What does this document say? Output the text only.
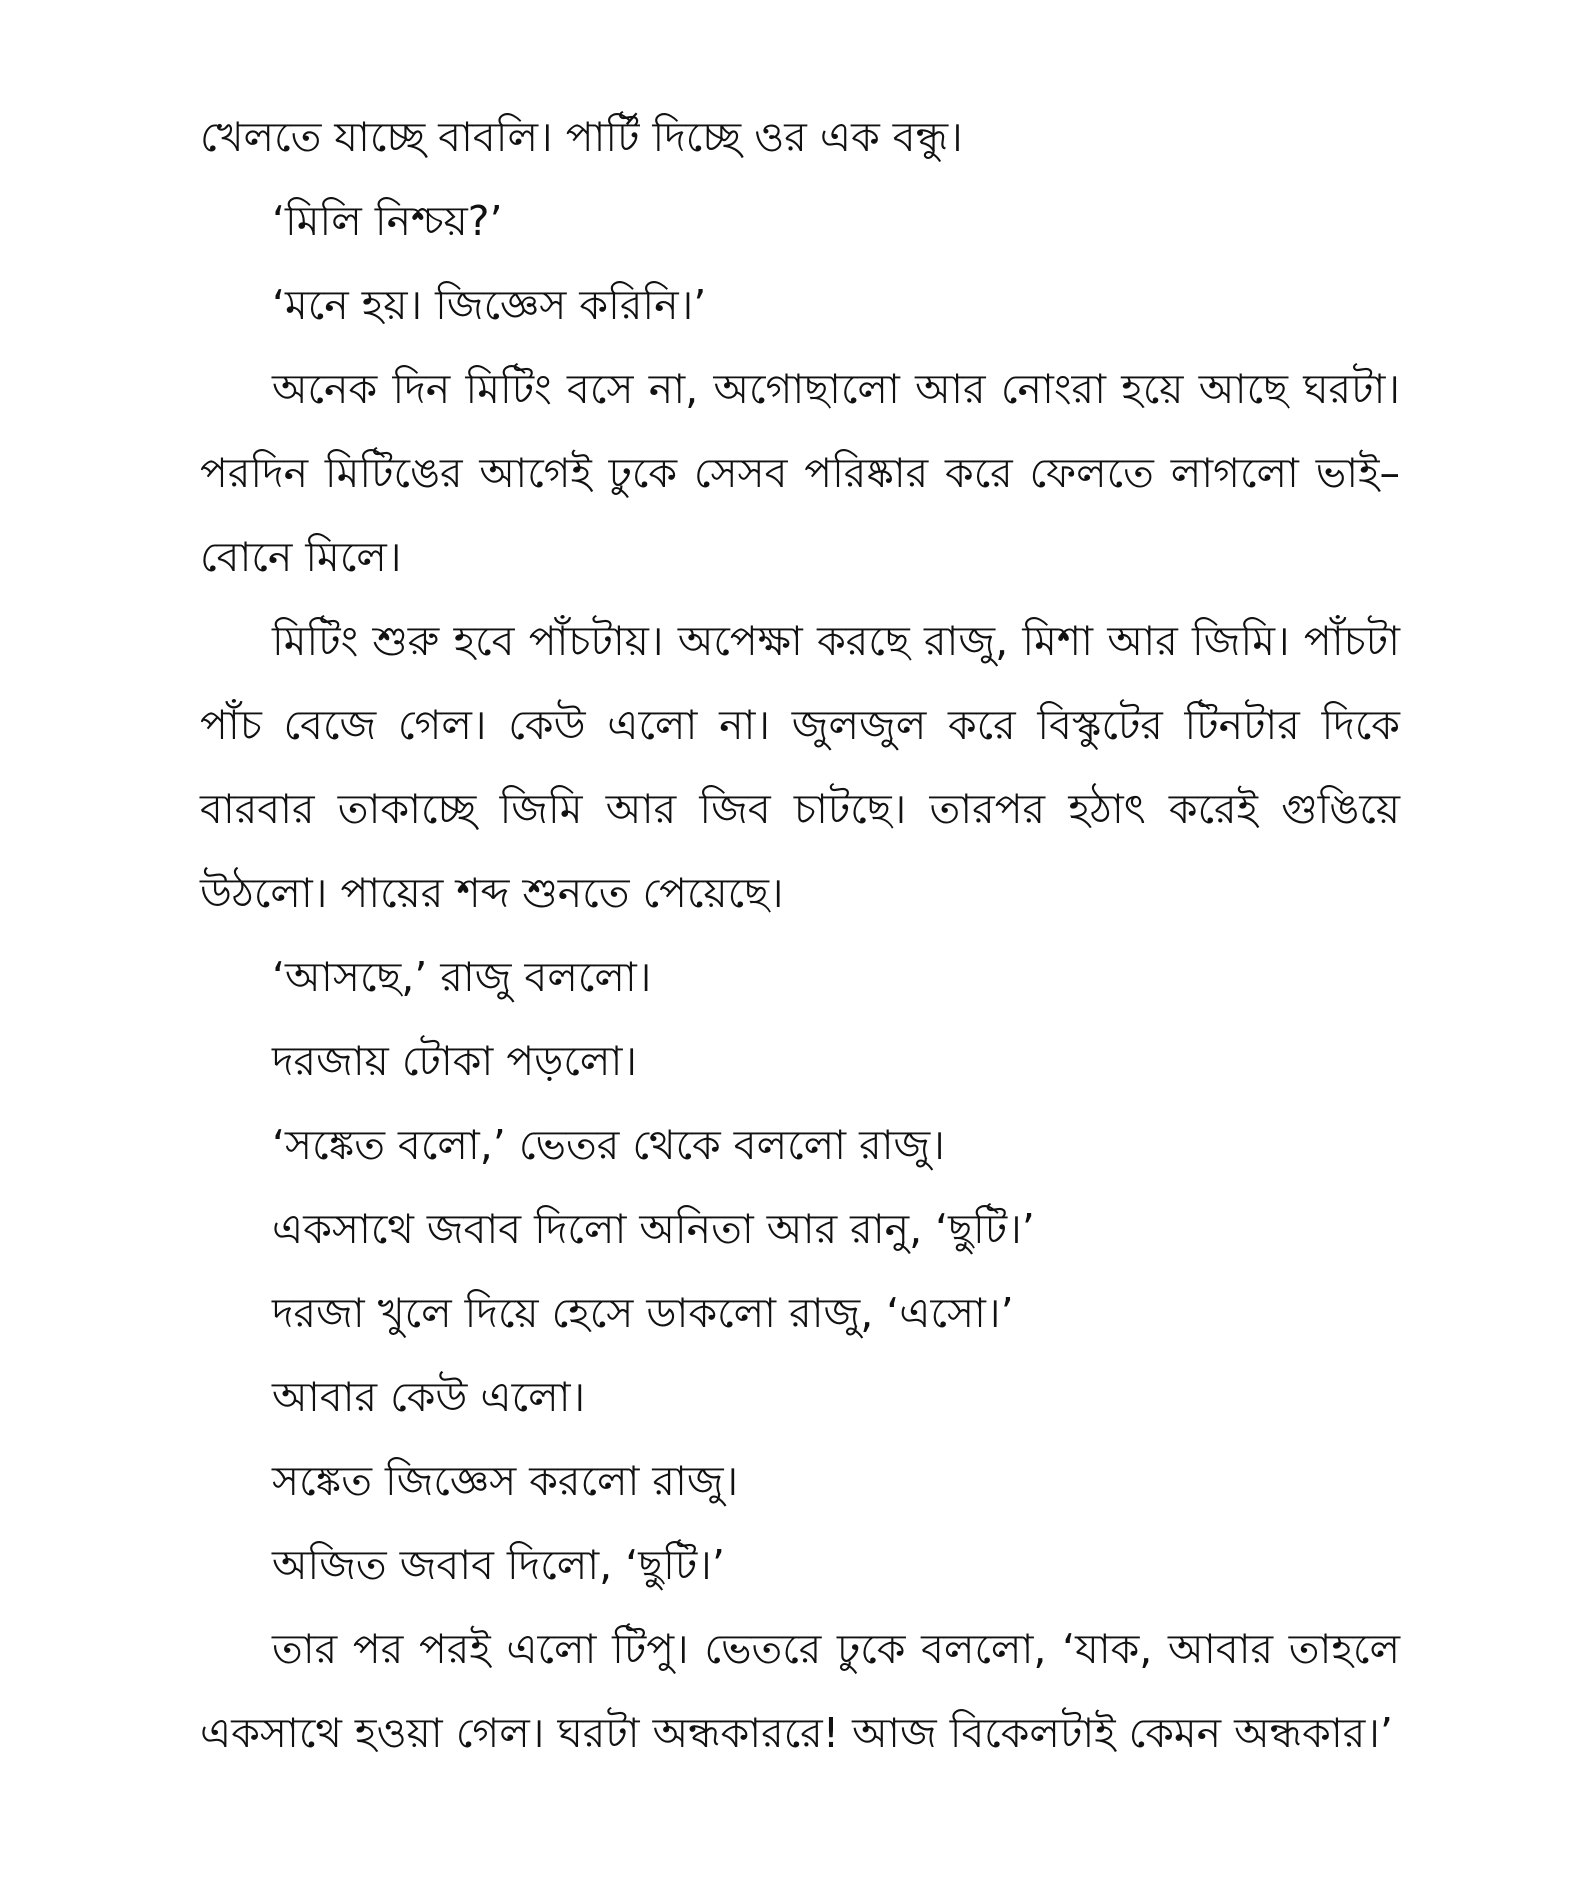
খেলতে যাচ্ছে বাবলি। পার্টি দিচ্ছে ওর এক বন্ধু।

‘মিলি নিশ্চয়?’

‘মনে হয়। জিজ্ঞেস করিনি।’

অনেক দিন মিটিং বসে না, অগোছালো আর নোংরা হয়ে আছে ঘরটা। পরদিন মিটিঙের আগেই ঢুকে সেসব পরিষ্কার করে ফেলতে লাগলো ভাই–বোনে মিলে।

মিটিং শুরু হবে পাঁচটায়। অপেক্ষা করছে রাজু, মিশা আর জিমি। পাঁচটা পাঁচ বেজে গেল। কেউ এলো না। জুলজুল করে বিস্কুটের টিনটার দিকে বারবার তাকাচ্ছে জিমি আর জিব চাটছে। তারপর হঠাৎ করেই গুঙিয়ে উঠলো। পায়ের শব্দ শুনতে পেয়েছে।

‘আসছে,’ রাজু বললো।

দরজায় টোকা পড়লো।

‘সঙ্কেত বলো,’ ভেতর থেকে বললো রাজু।

একসাথে জবাব দিলো অনিতা আর রানু, ‘ছুটি।’

দরজা খুলে দিয়ে হেসে ডাকলো রাজু, ‘এসো।’

আবার কেউ এলো।

সঙ্কেত জিজ্ঞেস করলো রাজু।

অজিত জবাব দিলো, ‘ছুটি।’

তার পর পরই এলো টিপু। ভেতরে ঢুকে বললো, ‘যাক, আবার তাহলে একসাথে হওয়া গেল। ঘরটা অন্ধকাররে! আজ বিকেলটাই কেমন অন্ধকার।’
